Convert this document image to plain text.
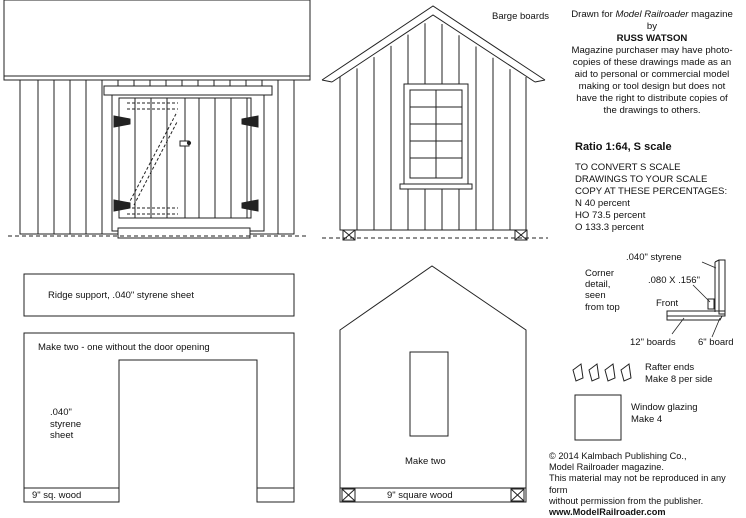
Drawn for Model Railroader magazine
by
RUSS WATSON
Magazine purchaser may have photo-
copies of these drawings made as an
aid to personal or commercial model
making or tool design but does not
have the right to distribute copies of
the drawings to others.
Ratio 1:64, S scale
TO CONVERT S SCALE
DRAWINGS TO YOUR SCALE
COPY AT THESE PERCENTAGES:
N 40 percent
HO 73.5 percent
O 133.3 percent
Barge boards
Ridge support, .040" styrene sheet
Make two - one without the door opening
.040"
styrene
sheet
9" sq. wood
Make two
9" square wood
.040" styrene
.080 X .156"
Corner
detail,
seen
from top	Front
12" boards 6" board
Rafter ends
Make 8 per side
Window glazing
Make 4
© 2014 Kalmbach Publishing Co.,
Model Railroader magazine.
This material may not be reproduced in any form
without permission from the publisher.
www.ModelRailroader.com
